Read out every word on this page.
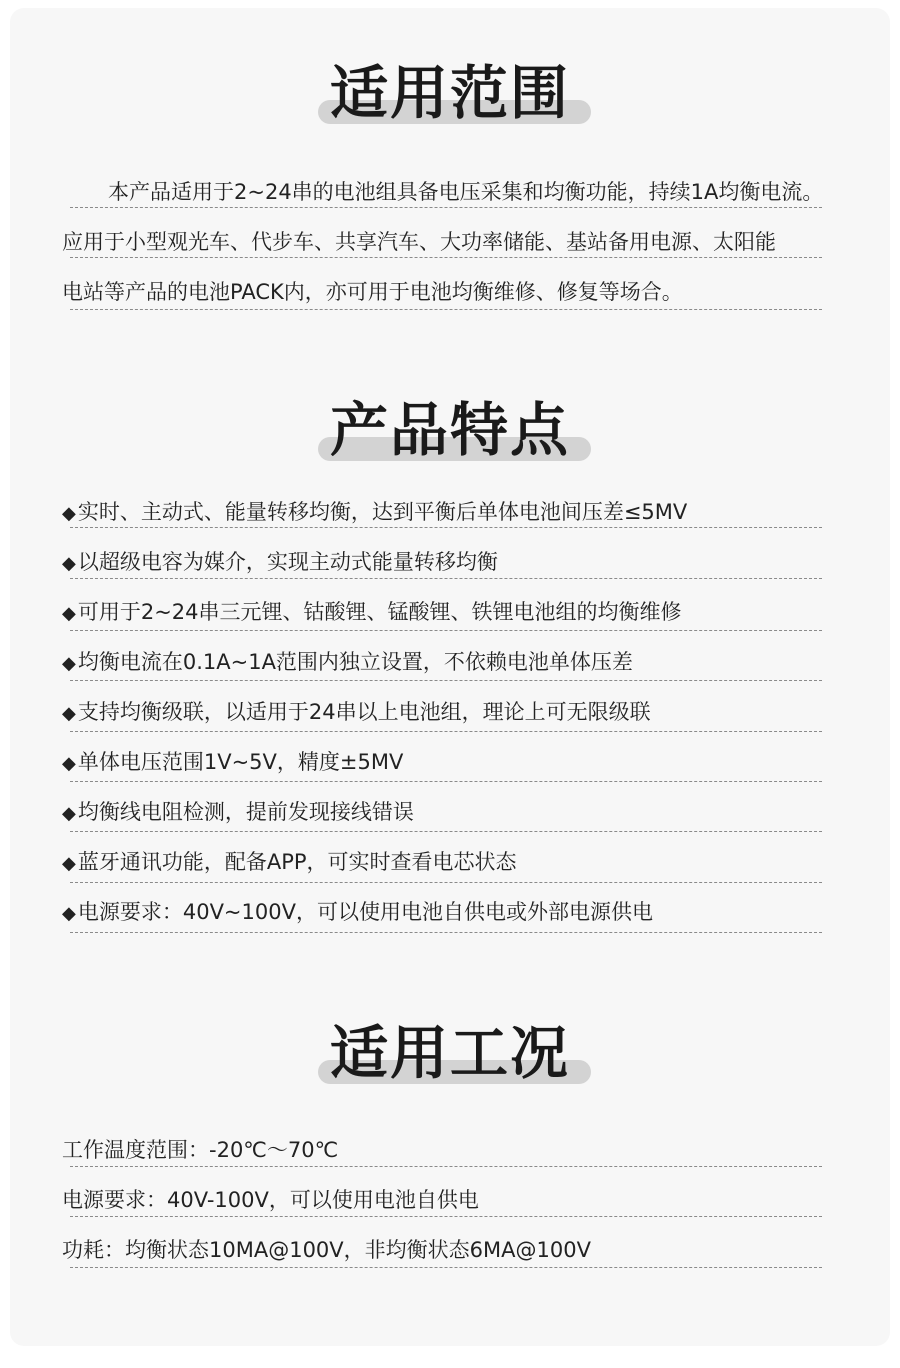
适用范围
本产品适用于2~24串的电池组具备电压采集和均衡功能，持续1A均衡电流。
应用于小型观光车、代步车、共享汽车、大功率储能、基站备用电源、太阳能
电站等产品的电池PACK内，亦可用于电池均衡维修、修复等场合。
产品特点
◆实时、主动式、能量转移均衡，达到平衡后单体电池间压差≤5MV
◆以超级电容为媒介，实现主动式能量转移均衡
◆可用于2~24串三元锂、钴酸锂、锰酸锂、铁锂电池组的均衡维修
◆均衡电流在0.1A~1A范围内独立设置，不依赖电池单体压差
◆支持均衡级联，以适用于24串以上电池组，理论上可无限级联
◆单体电压范围1V~5V，精度±5MV
◆均衡线电阻检测，提前发现接线错误
◆蓝牙通讯功能，配备APP，可实时查看电芯状态
◆电源要求：40V~100V，可以使用电池自供电或外部电源供电
适用工况
工作温度范围：-20℃～70℃
电源要求：40V-100V，可以使用电池自供电
功耗：均衡状态10MA@100V，非均衡状态6MA@100V
